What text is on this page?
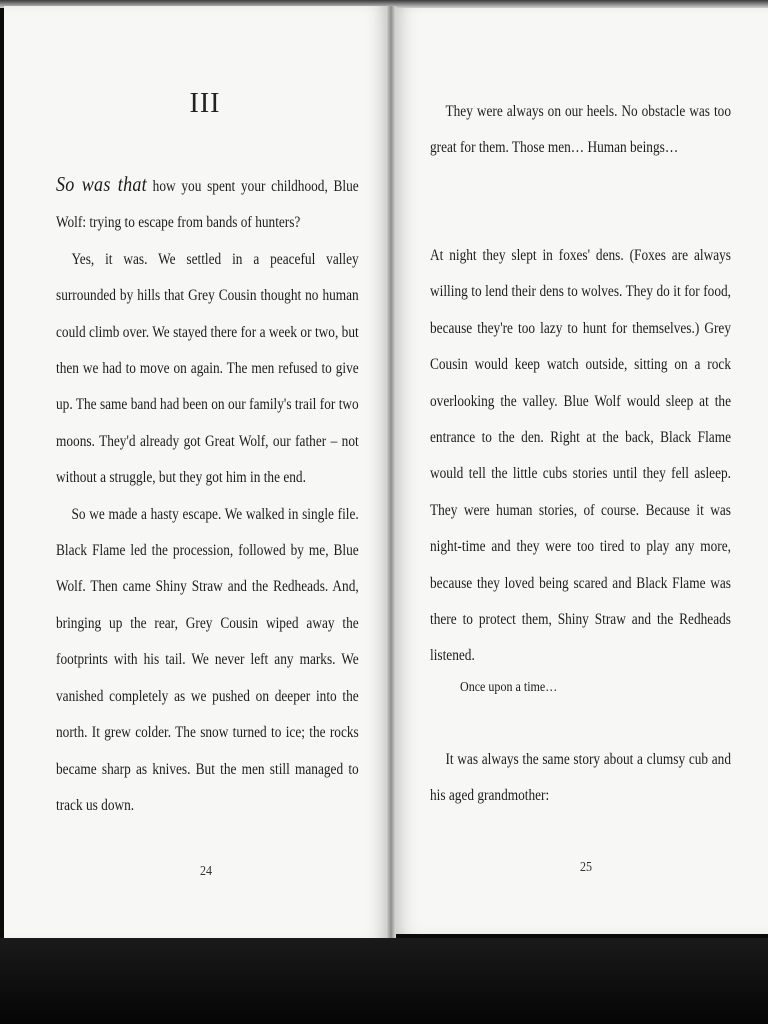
III

So was that how you spent your childhood, Blue Wolf: trying to escape from bands of hunters?

Yes, it was. We settled in a peaceful valley surrounded by hills that Grey Cousin thought no human could climb over. We stayed there for a week or two, but then we had to move on again. The men refused to give up. The same band had been on our family's trail for two moons. They'd already got Great Wolf, our father – not without a struggle, but they got him in the end.

So we made a hasty escape. We walked in single file. Black Flame led the procession, followed by me, Blue Wolf. Then came Shiny Straw and the Redheads. And, bringing up the rear, Grey Cousin wiped away the footprints with his tail. We never left any marks. We vanished completely as we pushed on deeper into the north. It grew colder. The snow turned to ice; the rocks became sharp as knives. But the men still managed to track us down.

24
They were always on our heels. No obstacle was too great for them. Those men… Human beings…
At night they slept in foxes' dens. (Foxes are always willing to lend their dens to wolves. They do it for food, because they're too lazy to hunt for themselves.) Grey Cousin would keep watch outside, sitting on a rock overlooking the valley. Blue Wolf would sleep at the entrance to the den. Right at the back, Black Flame would tell the little cubs stories until they fell asleep. They were human stories, of course. Because it was night-time and they were too tired to play any more, because they loved being scared and Black Flame was there to protect them, Shiny Straw and the Redheads listened.
Once upon a time…
It was always the same story about a clumsy cub and his aged grandmother:
25
